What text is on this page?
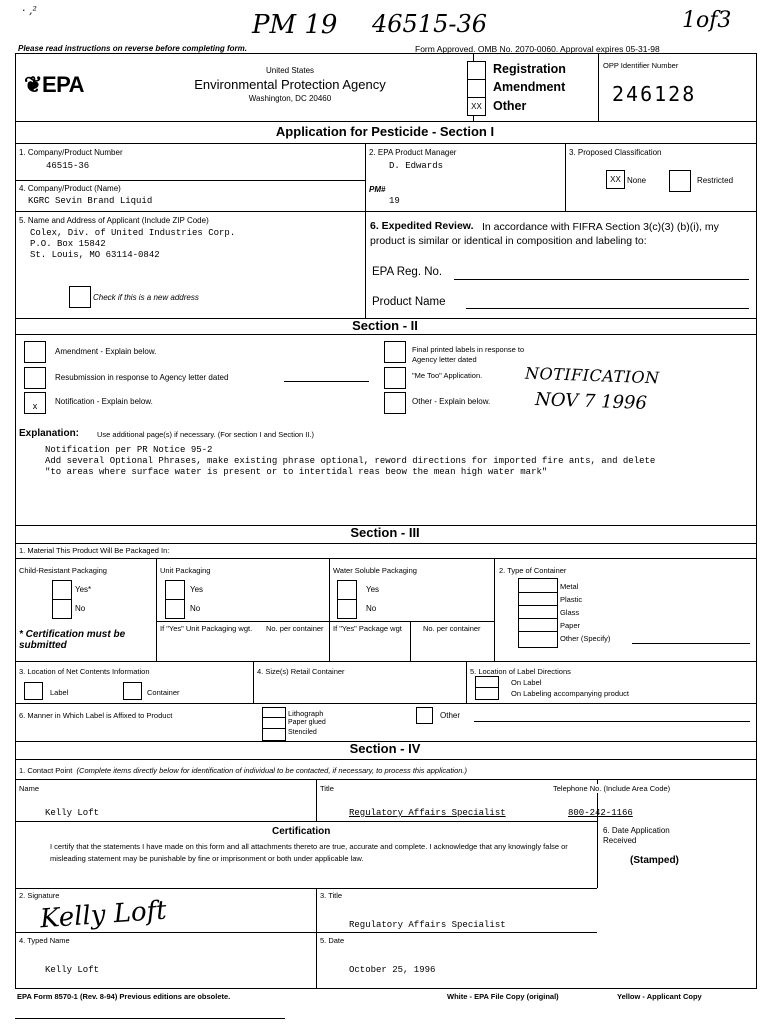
· ,²	PM 19 46515-36	1of3
Please read instructions on reverse before completing form.	Form Approved. OMB No. 2070-0060. Approval expires 05-31-98
❦EPA
United States
Environmental Protection Agency
Washington, DC 20460
XX
Registration
Amendment
Other
OPP Identifier Number
246128
Application for Pesticide - Section I
1. Company/Product Number
46515-36
2. EPA Product Manager
D. Edwards
3. Proposed Classification
XX None	Restricted
4. Company/Product (Name)
KGRC Sevin Brand Liquid
PM#
19
5. Name and Address of Applicant (Include ZIP Code)
Colex, Div. of United Industries Corp.
P.O. Box 15842
St. Louis, MO 63114-0842
Check if this is a new address
6. Expedited Review. In accordance with FIFRA Section 3(c)(3) (b)(i), my product is similar or identical in composition and labeling to:
EPA Reg. No.
Product Name
Section - II
Amendment - Explain below.
Resubmission in response to Agency letter dated
x	Notification - Explain below.
Final printed labels in response to
Agency letter dated
"Me Too" Application.
Other - Explain below.
NOTIFICATION
NOV 7 1996
Explanation: Use additional page(s) if necessary. (For section I and Section II.)
Notification per PR Notice 95-2
Add several Optional Phrases, make existing phrase optional, reword directions for imported fire ants, and delete
"to areas where surface water is present or to intertidal reas beow the mean high water mark"
Section - III
1. Material This Product Will Be Packaged In:
Child-Resistant Packaging
Yes*
No
* Certification must be submitted
Unit Packaging
Yes
No
If "Yes" Unit Packaging wgt.	No. per container
Water Soluble Packaging
Yes
No
If "Yes" Package wgt	No. per container
2. Type of Container
Metal
Plastic
Glass
Paper
Other (Specify)
3. Location of Net Contents Information
Label	Container
4. Size(s) Retail Container	5. Location of Label Directions
On Label
On Labeling accompanying product
6. Manner in Which Label is Affixed to Product	Lithograph
Paper glued
Stenciled
Other
Section - IV
1. Contact Point (Complete items directly below for identification of individual to be contacted, if necessary, to process this application.)
Name
Kelly Loft
Title
Regulatory Affairs Specialist
Telephone No. (Include Area Code)
800-242-1166
Certification
I certify that the statements I have made on this form and all attachments thereto are true, accurate and complete. I acknowledge that any knowingly false or misleading statement may be punishable by fine or imprisonment or both under applicable law.
6. Date Application Received
(Stamped)
2. Signature
Kelly Loft
3. Title
Regulatory Affairs Specialist
4. Typed Name
Kelly Loft
5. Date
October 25, 1996
EPA Form 8570-1 (Rev. 8-94) Previous editions are obsolete.	White - EPA File Copy (original)	Yellow - Applicant Copy
